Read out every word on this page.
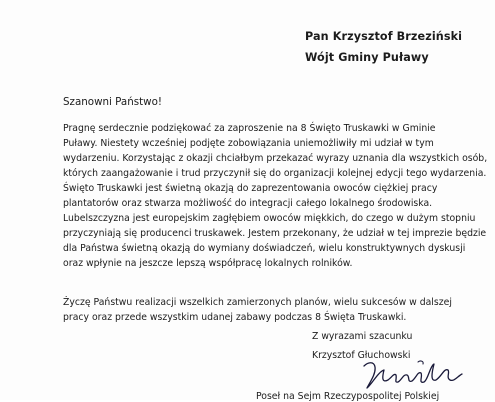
Pan Krzysztof Brzeziński
Wójt Gminy Puławy
Szanowni Państwo!
Pragnę serdecznie podziękować za zaproszenie na 8 Święto Truskawki w Gminie
Puławy. Niestety wcześniej podjęte zobowiązania uniemożliwiły mi udział w tym
wydarzeniu. Korzystając z okazji chciałbym przekazać wyrazy uznania dla wszystkich osób,
których zaangażowanie i trud przyczynił się do organizacji kolejnej edycji tego wydarzenia.
Święto Truskawki jest świetną okazją do zaprezentowania owoców ciężkiej pracy
plantatorów oraz stwarza możliwość do integracji całego lokalnego środowiska.
Lubelszczyzna jest europejskim zagłębiem owoców miękkich, do czego w dużym stopniu
przyczyniają się producenci truskawek. Jestem przekonany, że udział w tej imprezie będzie
dla Państwa świetną okazją do wymiany doświadczeń, wielu konstruktywnych dyskusji
oraz wpłynie na jeszcze lepszą współpracę lokalnych rolników.
Życzę Państwu realizacji wszelkich zamierzonych planów, wielu sukcesów w dalszej
pracy oraz przede wszystkim udanej zabawy podczas 8 Święta Truskawki.
Z wyrazami szacunku
Krzysztof Głuchowski
Poseł na Sejm Rzeczypospolitej Polskiej
